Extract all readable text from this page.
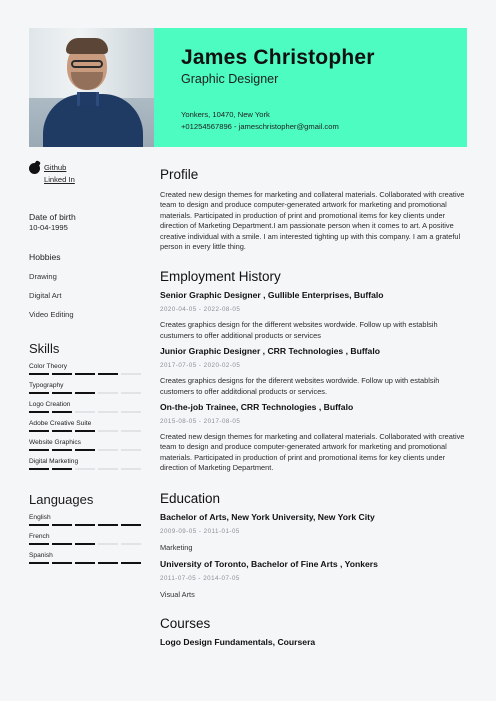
James Christopher
Graphic Designer
Yonkers, 10470, New York
+01254567896 - jameschristopher@gmail.com
Github
Linked In
Date of birth
10-04-1995
Hobbies
Drawing
Digital Art
Video Editing
Skills
Color Theory
Typography
Logo Creation
Adobe Creative Suite
Website Graphics
Digital Marketing
Languages
English
French
Spanish
Profile

Created new design themes for marketing and collateral materials. Collaborated with creative team to design and produce computer-generated artwork for marketing and promotional materials. Participated in production of print and promotional items for key clients under direction of Marketing Department.I am passionate person when it comes to art. A positive creative individual with a smile. I am interested tighting up with this company. I am a grateful person in every little thing.

Employment History
Senior Graphic Designer , Gullible Enterprises, Buffalo
2020-04-05 - 2022-08-05

Creates graphics design for the different websites wordwide. Follow up with establsih custumers to offer additional products or services

Junior Graphic Designer , CRR Technologies , Buffalo
2017-07-05 - 2020-02-05

Creates graphics designs for the diferent websites wordwide. Follow up with establsih customers to offer additdional products or services.

On-the-job Trainee, CRR Technologies , Buffalo
2015-08-05 - 2017-08-05

Created new design themes for marketing and collateral materials. Collaborated with creative team to design and produce computer-generated artwork for marketing and promotional materials. Participated in production of print and promotional items for key clients under direction of Marketing Department.

Education
Bachelor of Arts, New York University, New York City
2009-09-05 - 2011-01-05
Marketing
University of Toronto, Bachelor of Fine Arts , Yonkers
2011-07-05 - 2014-07-05
Visual Arts
Courses
Logo Design Fundamentals, Coursera
